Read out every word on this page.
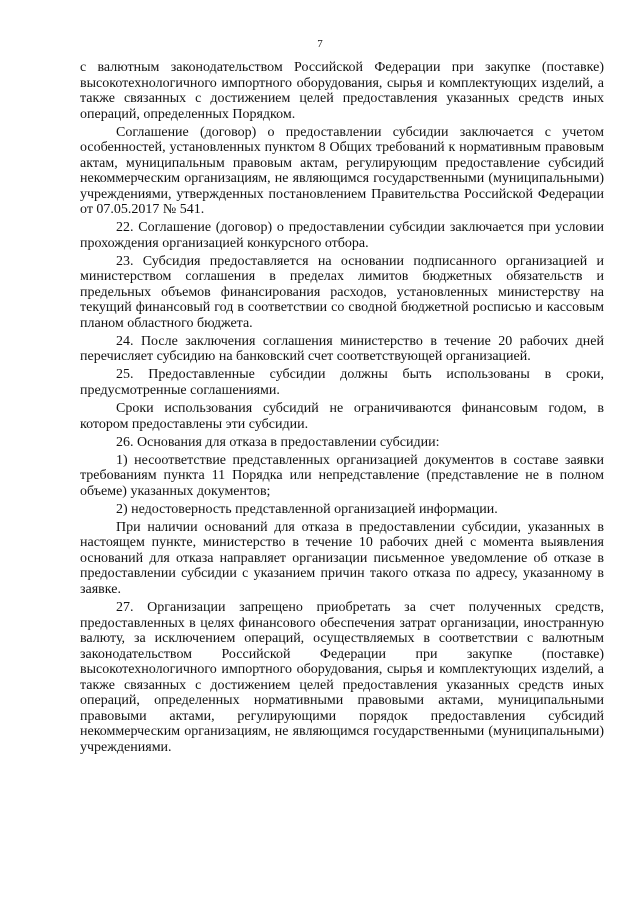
7

с валютным законодательством Российской Федерации при закупке (поставке) высокотехнологичного импортного оборудования, сырья и комплектующих изделий, а также связанных с достижением целей предоставления указанных средств иных операций, определенных Порядком.

Соглашение (договор) о предоставлении субсидии заключается с учетом особенностей, установленных пунктом 8 Общих требований к нормативным правовым актам, муниципальным правовым актам, регулирующим предоставление субсидий некоммерческим организациям, не являющимся государственными (муниципальными) учреждениями, утвержденных постановлением Правительства Российской Федерации от 07.05.2017 № 541.

22. Соглашение (договор) о предоставлении субсидии заключается при условии прохождения организацией конкурсного отбора.

23. Субсидия предоставляется на основании подписанного организацией и министерством соглашения в пределах лимитов бюджетных обязательств и предельных объемов финансирования расходов, установленных министерству на текущий финансовый год в соответствии со сводной бюджетной росписью и кассовым планом областного бюджета.

24. После заключения соглашения министерство в течение 20 рабочих дней перечисляет субсидию на банковский счет соответствующей организацией.

25. Предоставленные субсидии должны быть использованы в сроки, предусмотренные соглашениями.

Сроки использования субсидий не ограничиваются финансовым годом, в котором предоставлены эти субсидии.

26. Основания для отказа в предоставлении субсидии:

1) несоответствие представленных организацией документов в составе заявки требованиям пункта 11 Порядка или непредставление (представление не в полном объеме) указанных документов;

2) недостоверность представленной организацией информации.

При наличии оснований для отказа в предоставлении субсидии, указанных в настоящем пункте, министерство в течение 10 рабочих дней с момента выявления оснований для отказа направляет организации письменное уведомление об отказе в предоставлении субсидии с указанием причин такого отказа по адресу, указанному в заявке.

27. Организации запрещено приобретать за счет полученных средств, предоставленных в целях финансового обеспечения затрат организации, иностранную валюту, за исключением операций, осуществляемых в соответствии с валютным законодательством Российской Федерации при закупке (поставке) высокотехнологичного импортного оборудования, сырья и комплектующих изделий, а также связанных с достижением целей предоставления указанных средств иных операций, определенных нормативными правовыми актами, муниципальными правовыми актами, регулирующими порядок предоставления субсидий некоммерческим организациям, не являющимся государственными (муниципальными) учреждениями.
